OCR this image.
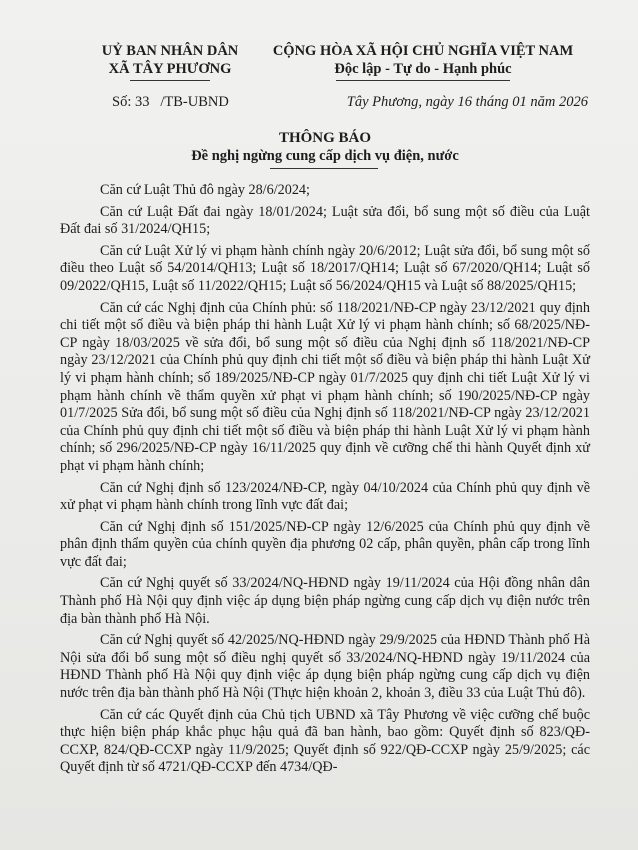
UỶ BAN NHÂN DÂN
XÃ TÂY PHƯƠNG
CỘNG HÒA XÃ HỘI CHỦ NGHĨA VIỆT NAM
Độc lập - Tự do - Hạnh phúc
Số: 33   /TB-UBND	Tây Phương, ngày 16 tháng 01 năm 2026
THÔNG BÁO
Đề nghị ngừng cung cấp dịch vụ điện, nước

Căn cứ Luật Thủ đô ngày 28/6/2024;

Căn cứ Luật Đất đai ngày 18/01/2024; Luật sửa đổi, bổ sung một số điều của Luật Đất đai số 31/2024/QH15;

Căn cứ Luật Xử lý vi phạm hành chính ngày 20/6/2012; Luật sửa đổi, bổ sung một số điều theo Luật số 54/2014/QH13; Luật số 18/2017/QH14; Luật số 67/2020/QH14; Luật số 09/2022/QH15, Luật số 11/2022/QH15; Luật số 56/2024/QH15 và Luật số 88/2025/QH15;

Căn cứ các Nghị định của Chính phủ: số 118/2021/NĐ-CP ngày 23/12/2021 quy định chi tiết một số điều và biện pháp thi hành Luật Xử lý vi phạm hành chính; số 68/2025/NĐ-CP ngày 18/03/2025 về sửa đổi, bổ sung một số điều của Nghị định số 118/2021/NĐ-CP ngày 23/12/2021 của Chính phủ quy định chi tiết một số điều và biện pháp thi hành Luật Xử lý vi phạm hành chính; số 189/2025/NĐ-CP ngày 01/7/2025 quy định chi tiết Luật Xử lý vi phạm hành chính về thẩm quyền xử phạt vi phạm hành chính; số 190/2025/NĐ-CP ngày 01/7/2025 Sửa đổi, bổ sung một số điều của Nghị định số 118/2021/NĐ-CP ngày 23/12/2021 của Chính phủ quy định chi tiết một số điều và biện pháp thi hành Luật Xử lý vi phạm hành chính; số 296/2025/NĐ-CP ngày 16/11/2025 quy định về cưỡng chế thi hành Quyết định xử phạt vi phạm hành chính;

Căn cứ Nghị định số 123/2024/NĐ-CP, ngày 04/10/2024 của Chính phủ quy định về xử phạt vi phạm hành chính trong lĩnh vực đất đai;

Căn cứ Nghị định số 151/2025/NĐ-CP ngày 12/6/2025 của Chính phủ quy định về phân định thẩm quyền của chính quyền địa phương 02 cấp, phân quyền, phân cấp trong lĩnh vực đất đai;

Căn cứ Nghị quyết số 33/2024/NQ-HĐND ngày 19/11/2024 của Hội đồng nhân dân Thành phố Hà Nội quy định việc áp dụng biện pháp ngừng cung cấp dịch vụ điện nước trên địa bàn thành phố Hà Nội.

Căn cứ Nghị quyết số 42/2025/NQ-HĐND ngày 29/9/2025 của HĐND Thành phố Hà Nội sửa đổi bổ sung một số điều nghị quyết số 33/2024/NQ-HĐND ngày 19/11/2024 của HĐND Thành phố Hà Nội quy định việc áp dụng biện pháp ngừng cung cấp dịch vụ điện nước trên địa bàn thành phố Hà Nội (Thực hiện khoản 2, khoản 3, điều 33 của Luật Thủ đô).

Căn cứ các Quyết định của Chủ tịch UBND xã Tây Phương về việc cưỡng chế buộc thực hiện biện pháp khắc phục hậu quả đã ban hành, bao gồm: Quyết định số 823/QĐ-CCXP, 824/QĐ-CCXP ngày 11/9/2025; Quyết định số 922/QĐ-CCXP ngày 25/9/2025; các Quyết định từ số 4721/QĐ-CCXP đến 4734/QĐ-
